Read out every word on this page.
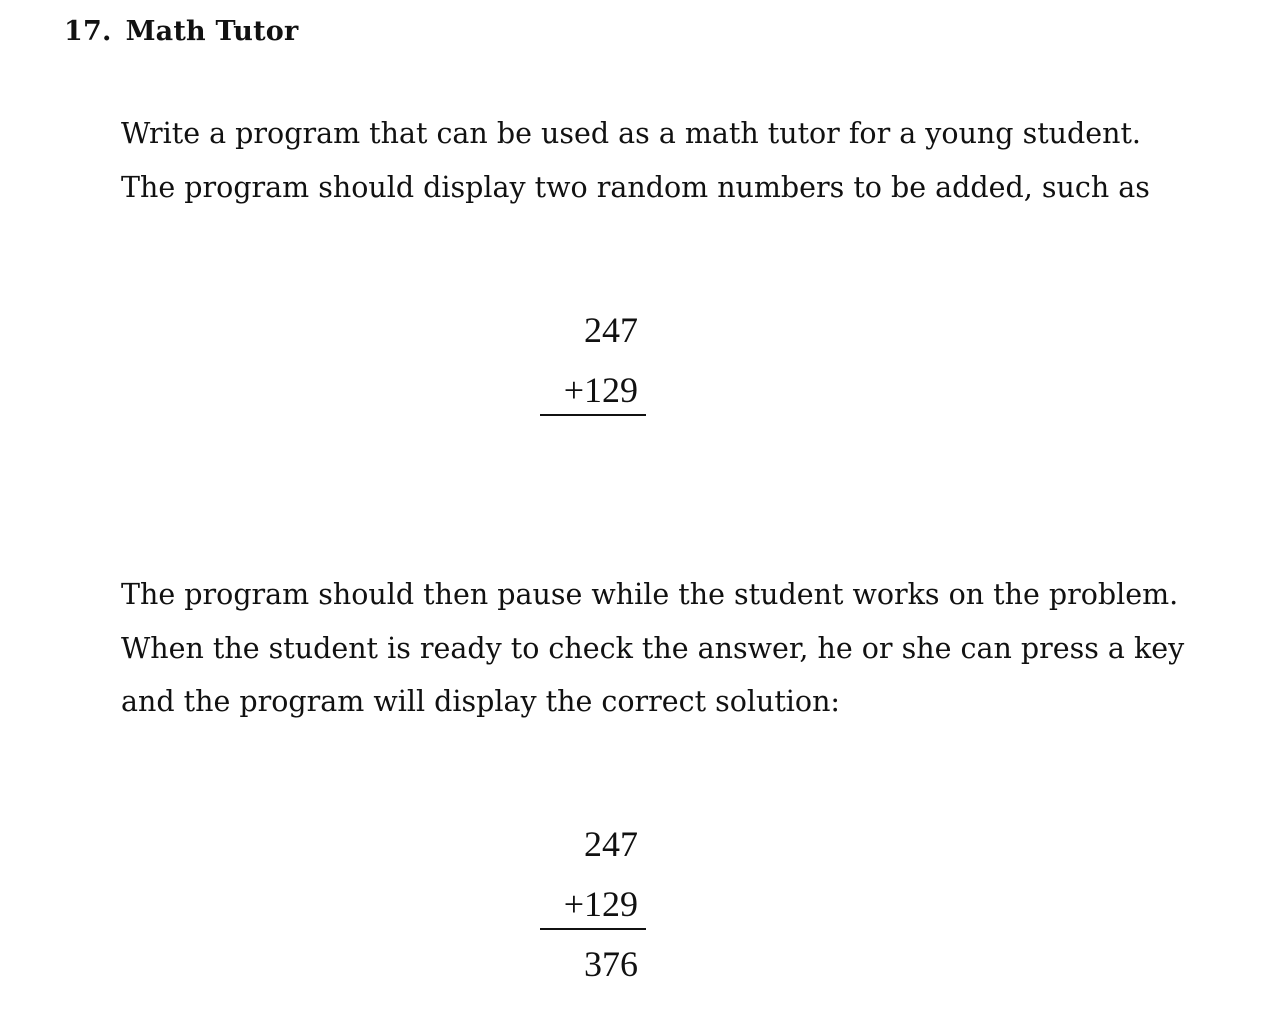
17. Math Tutor
Write a program that can be used as a math tutor for a young student.
The program should display two random numbers to be added, such as
247
+129
The program should then pause while the student works on the problem.
When the student is ready to check the answer, he or she can press a key
and the program will display the correct solution:
247
+129
376
